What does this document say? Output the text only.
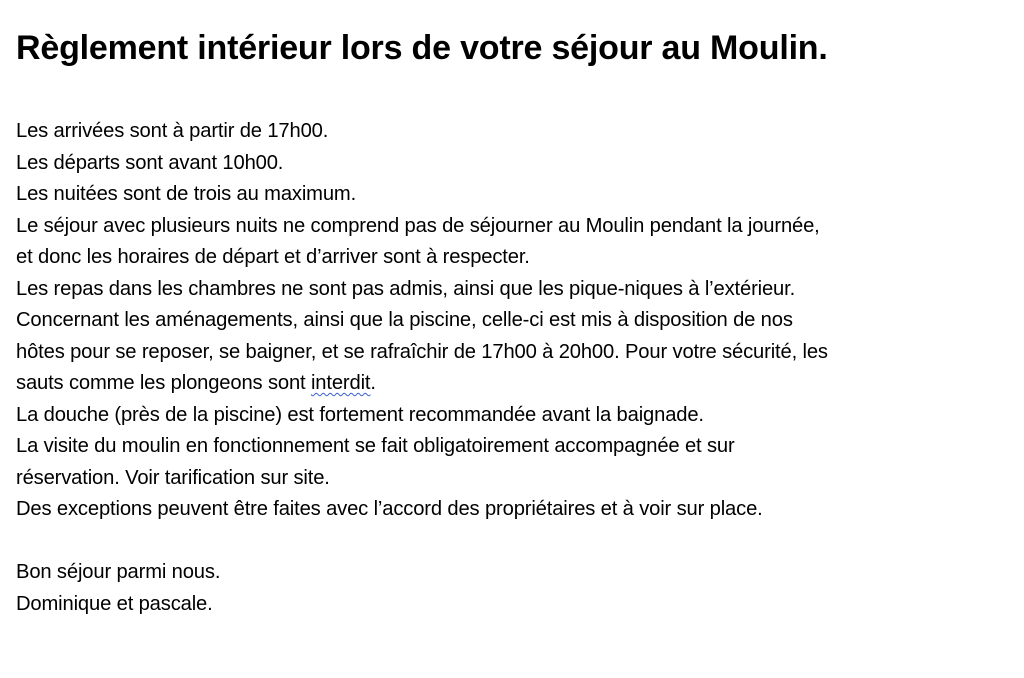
Règlement intérieur lors de votre séjour au Moulin.
Les arrivées sont à partir de 17h00.
Les départs sont avant 10h00.
Les nuitées sont de trois au maximum.
Le séjour avec plusieurs nuits ne comprend pas de séjourner au Moulin pendant la journée,
et donc les horaires de départ et d’arriver sont à respecter.
Les repas dans les chambres ne sont pas admis, ainsi que les pique-niques à l’extérieur.
Concernant les aménagements, ainsi que la piscine, celle-ci est mis à disposition de nos
hôtes pour se reposer, se baigner, et se rafraîchir de 17h00 à 20h00. Pour votre sécurité, les
sauts comme les plongeons sont interdit.
La douche (près de la piscine) est fortement recommandée avant la baignade.
La visite du moulin en fonctionnement se fait obligatoirement accompagnée et sur
réservation. Voir tarification sur site.
Des exceptions peuvent être faites avec l’accord des propriétaires et à voir sur place.
Bon séjour parmi nous.
Dominique et pascale.
